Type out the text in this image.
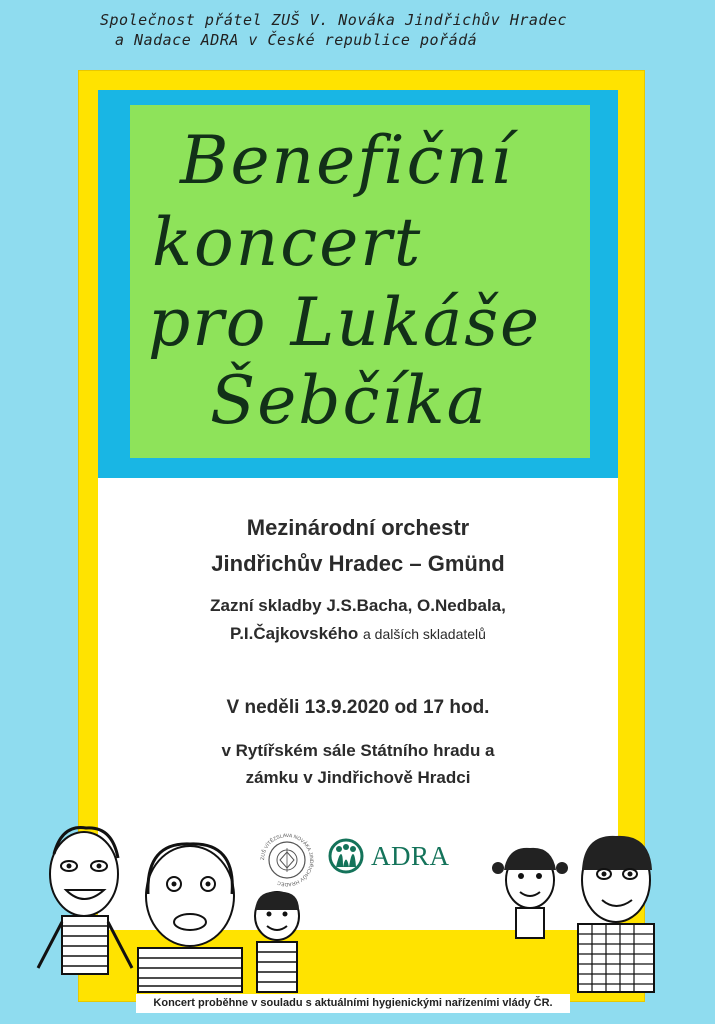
Společnost přátel ZUŠ V. Nováka Jindřichův Hradec
a Nadace ADRA v České republice pořádá
Benefiční
koncert
pro Lukáše
Šebčíka
Mezinárodní orchestr
Jindřichův Hradec – Gmünd
Zazní skladby J.S.Bacha, O.Nedbala,
P.I.Čajkovského a dalších skladatelů
V neděli 13.9.2020 od 17 hod.
v Rytířském sále Státního hradu a
zámku v Jindřichově Hradci
ZUŠ VÍTĚZSLAVA NOVÁKA JINDŘICHŮV HRADEC
ADRA
Koncert proběhne v souladu s aktuálními hygienickými nařízeními vlády ČR.
